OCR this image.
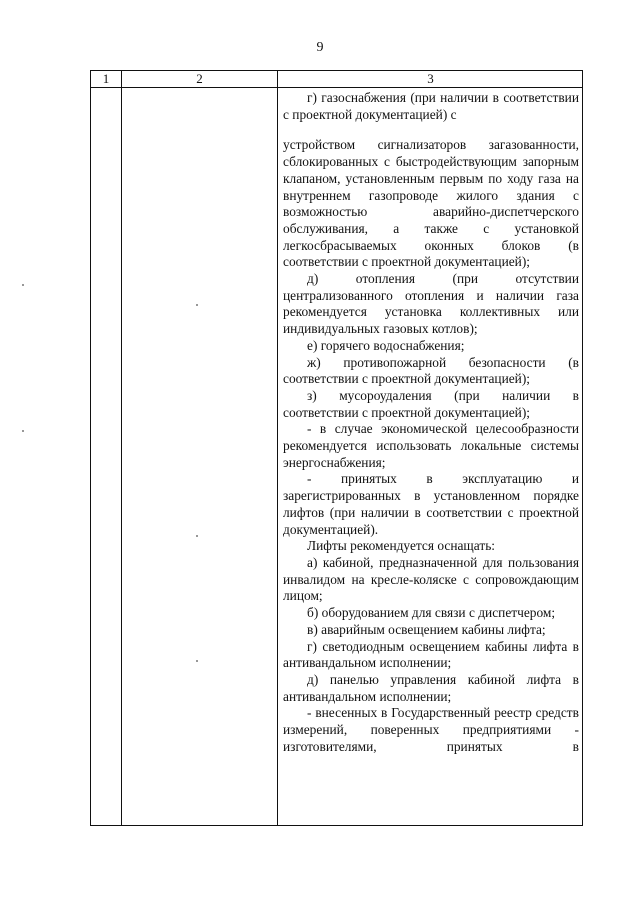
9
1	2	3

г) газоснабжения (при наличии в соответствии с проектной документацией) с

устройством сигнализаторов загазованности, сблокированных с быстродействующим запорным клапаном, установленным первым по ходу газа на внутреннем газопроводе жилого здания с возможностью аварийно-диспетчерского обслуживания, а также с установкой легкосбрасываемых оконных блоков (в соответствии с проектной документацией);

д) отопления (при отсутствии централизованного отопления и наличии газа рекомендуется установка коллективных или индивидуальных газовых котлов);

е) горячего водоснабжения;

ж) противопожарной безопасности (в соответствии с проектной документацией);

з) мусороудаления (при наличии в соответствии с проектной документацией);

- в случае экономической целесообразности рекомендуется использовать локальные системы энергоснабжения;

- принятых в эксплуатацию и зарегистрированных в установленном порядке лифтов (при наличии в соответствии с проектной документацией).

Лифты рекомендуется оснащать:

а) кабиной, предназначенной для пользования инвалидом на кресле-коляске с сопровождающим лицом;

б) оборудованием для связи с диспетчером;

в) аварийным освещением кабины лифта;

г) светодиодным освещением кабины лифта в антивандальном исполнении;

д) панелью управления кабиной лифта в антивандальном исполнении;

- внесенных в Государственный реестр средств измерений, поверенных предприятиями - изготовителями, принятых в
